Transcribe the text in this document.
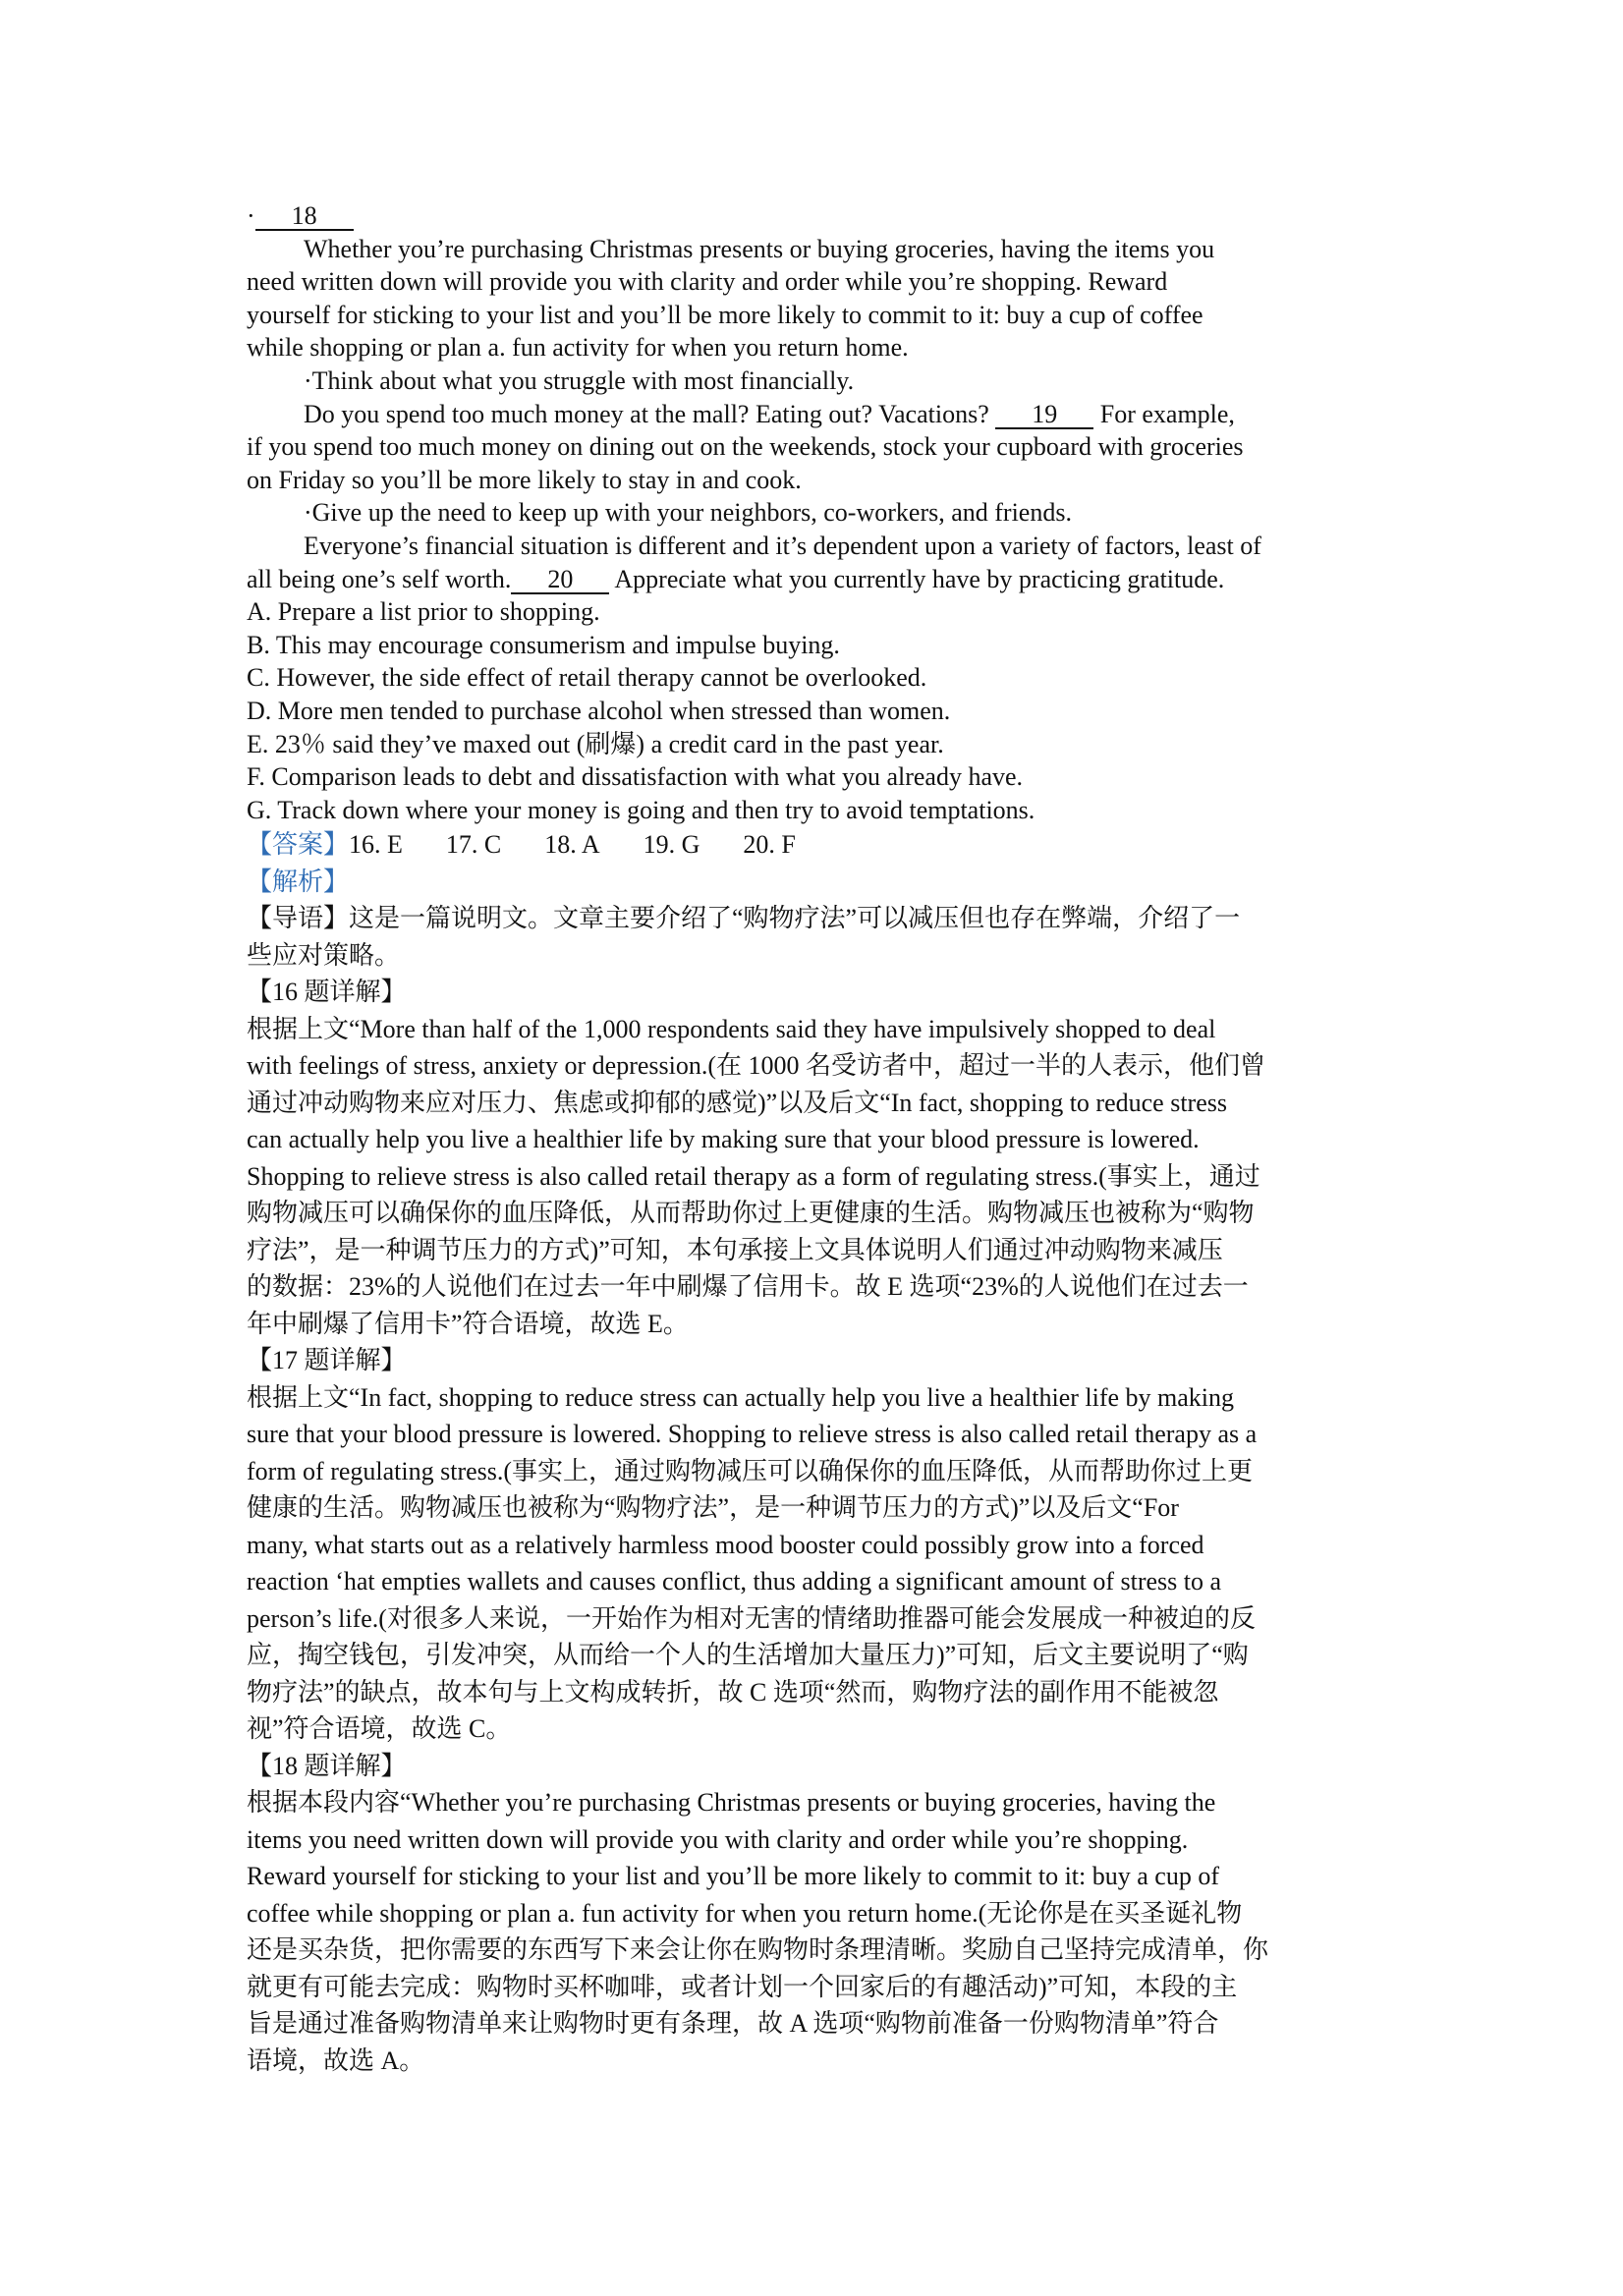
· 18

Whether you’re purchasing Christmas presents or buying groceries, having the items you

need written down will provide you with clarity and order while you’re shopping. Reward

yourself for sticking to your list and you’ll be more likely to commit to it: buy a cup of coffee

while shopping or plan a. fun activity for when you return home.

·Think about what you struggle with most financially.

Do you spend too much money at the mall? Eating out? Vacations? 19 For example,

if you spend too much money on dining out on the weekends, stock your cupboard with groceries

on Friday so you’ll be more likely to stay in and cook.

·Give up the need to keep up with your neighbors, co-workers, and friends.

Everyone’s financial situation is different and it’s dependent upon a variety of factors, least of

all being one’s self worth. 20 Appreciate what you currently have by practicing gratitude.

A. Prepare a list prior to shopping.

B. This may encourage consumerism and impulse buying.

C. However, the side effect of retail therapy cannot be overlooked.

D. More men tended to purchase alcohol when stressed than women.

E. 23％ said they’ve maxed out (刷爆) a credit card in the past year.

F. Comparison leads to debt and dissatisfaction with what you already have.

G. Track down where your money is going and then try to avoid temptations.

【答案】16. E 17. C 18. A 19. G 20. F

【解析】

【导语】这是一篇说明文。文章主要介绍了“购物疗法”可以减压但也存在弊端，介绍了一

些应对策略。

【16 题详解】

根据上文“More than half of the 1,000 respondents said they have impulsively shopped to deal

with feelings of stress, anxiety or depression.(在 1000 名受访者中，超过一半的人表示，他们曾

通过冲动购物来应对压力、焦虑或抑郁的感觉)”以及后文“In fact, shopping to reduce stress

can actually help you live a healthier life by making sure that your blood pressure is lowered.

Shopping to relieve stress is also called retail therapy as a form of regulating stress.(事实上，通过

购物减压可以确保你的血压降低，从而帮助你过上更健康的生活。购物减压也被称为“购物

疗法”，是一种调节压力的方式)”可知，本句承接上文具体说明人们通过冲动购物来减压

的数据：23%的人说他们在过去一年中刷爆了信用卡。故 E 选项“23%的人说他们在过去一

年中刷爆了信用卡”符合语境，故选 E。

【17 题详解】

根据上文“In fact, shopping to reduce stress can actually help you live a healthier life by making

sure that your blood pressure is lowered. Shopping to relieve stress is also called retail therapy as a

form of regulating stress.(事实上，通过购物减压可以确保你的血压降低，从而帮助你过上更

健康的生活。购物减压也被称为“购物疗法”，是一种调节压力的方式)”以及后文“For

many, what starts out as a relatively harmless mood booster could possibly grow into a forced

reaction ‘hat empties wallets and causes conflict, thus adding a significant amount of stress to a

person’s life.(对很多人来说，一开始作为相对无害的情绪助推器可能会发展成一种被迫的反

应，掏空钱包，引发冲突，从而给一个人的生活增加大量压力)”可知，后文主要说明了“购

物疗法”的缺点，故本句与上文构成转折，故 C 选项“然而，购物疗法的副作用不能被忽

视”符合语境，故选 C。

【18 题详解】

根据本段内容“Whether you’re purchasing Christmas presents or buying groceries, having the

items you need written down will provide you with clarity and order while you’re shopping.

Reward yourself for sticking to your list and you’ll be more likely to commit to it: buy a cup of

coffee while shopping or plan a. fun activity for when you return home.(无论你是在买圣诞礼物

还是买杂货，把你需要的东西写下来会让你在购物时条理清晰。奖励自己坚持完成清单，你

就更有可能去完成：购物时买杯咖啡，或者计划一个回家后的有趣活动)”可知，本段的主

旨是通过准备购物清单来让购物时更有条理，故 A 选项“购物前准备一份购物清单”符合

语境，故选 A。
